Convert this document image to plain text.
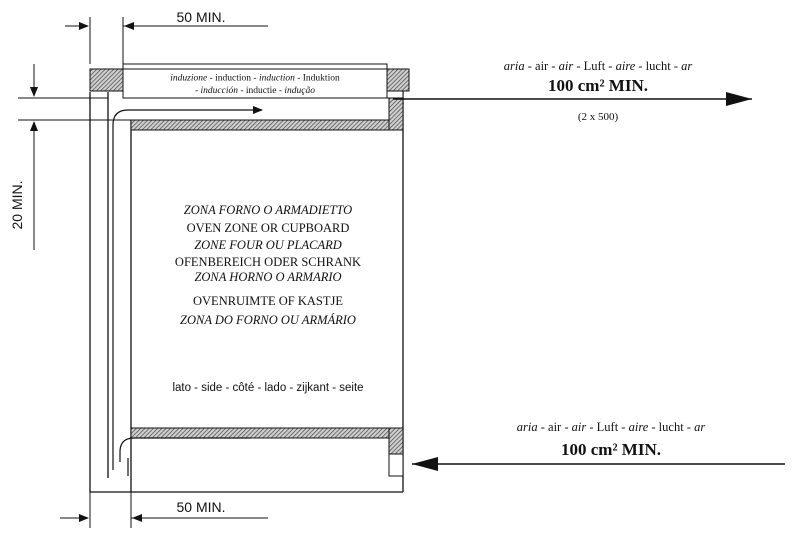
induzione - induction - induction - Induktion
- inducción - inductie - indução
ZONA FORNO O ARMADIETTO
OVEN ZONE OR CUPBOARD
ZONE FOUR OU PLACARD
OFENBEREICH ODER SCHRANK
ZONA HORNO O ARMARIO
OVENRUIMTE OF KASTJE
ZONA DO FORNO OU ARMÁRIO
lato - side - côté - lado - zijkant - seite
aria - air - air - Luft - aire - lucht - ar
100 cm² MIN.
(2 x 500)
aria - air - air - Luft - aire - lucht - ar
100 cm² MIN.
50 MIN.
50 MIN.
20 MIN.
